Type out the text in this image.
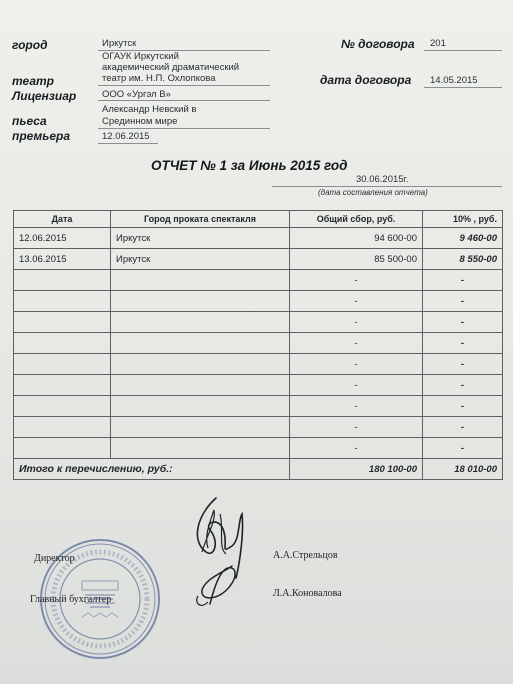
город	Иркутск
ОГАУК Иркутский
академический драматический
театр	театр им. Н.П. Охлопкова
Лицензиар	ООО «Ургэл В»
Александр Невский в
пьеса	Срединном мире
премьера	12.06.2015
№ договора 201
дата договора 14.05.2015
ОТЧЕТ № 1 за Июнь 2015 год
30.06.2015г.
(дата составления отчета)
Дата	Город проката спектакля	Общий сбор, руб.	10% , руб.
12.06.2015	Иркутск	94 600-00	9 460-00
13.06.2015	Иркутск	85 500-00	8 550-00
		-	-
		-	-
		-	-
		-	-
		-	-
		-	-
		-	-
		-	-
		-	-
Итого к перечислению, руб.:		180 100-00	18 010-00
Директор	А.А.Стрельцов
Главный бухгалтер
Л.А.Коновалова
